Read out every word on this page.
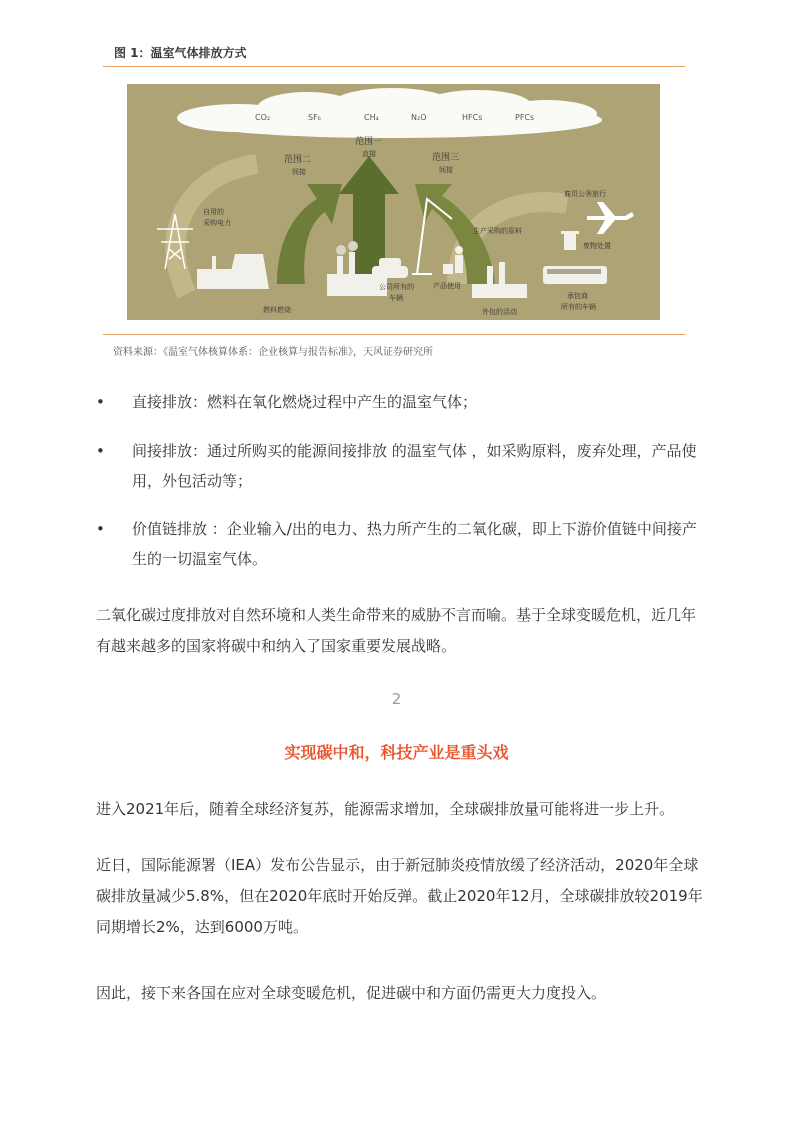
图 1：温室气体排放方式
CO₂	SF₆	CH₄	N₂O	HFCs	PFCs
范围二
间接
范围一
直接	范围三
间接
自用的
采购电力
燃料燃烧
公司所有的
车辆
产品使用
生产采购的原料
外包的活动
雇员公务旅行
废物处置
承包商
所有的车辆
资料来源：《温室气体核算体系：企业核算与报告标准》，天风证券研究所
•	直接排放：燃料在氧化燃烧过程中产生的温室气体；
•	间接排放：通过所购买的能源间接排放 的温室气体 ，如采购原料，废弃处理，产品使用，外包活动等；
•	价值链排放 ：企业输入/出的电力、热力所产生的二氧化碳，即上下游价值链中间接产生的一切温室气体。
二氧化碳过度排放对自然环境和人类生命带来的威胁不言而喻。基于全球变暖危机，近几年有越来越多的国家将碳中和纳入了国家重要发展战略。
2
实现碳中和，科技产业是重头戏
进入2021年后，随着全球经济复苏，能源需求增加，全球碳排放量可能将进一步上升。
近日，国际能源署（IEA）发布公告显示，由于新冠肺炎疫情放缓了经济活动，2020年全球碳排放量减少5.8%，但在2020年底时开始反弹。截止2020年12月，全球碳排放较2019年同期增长2%，达到6000万吨。
因此，接下来各国在应对全球变暖危机，促进碳中和方面仍需更大力度投入。
